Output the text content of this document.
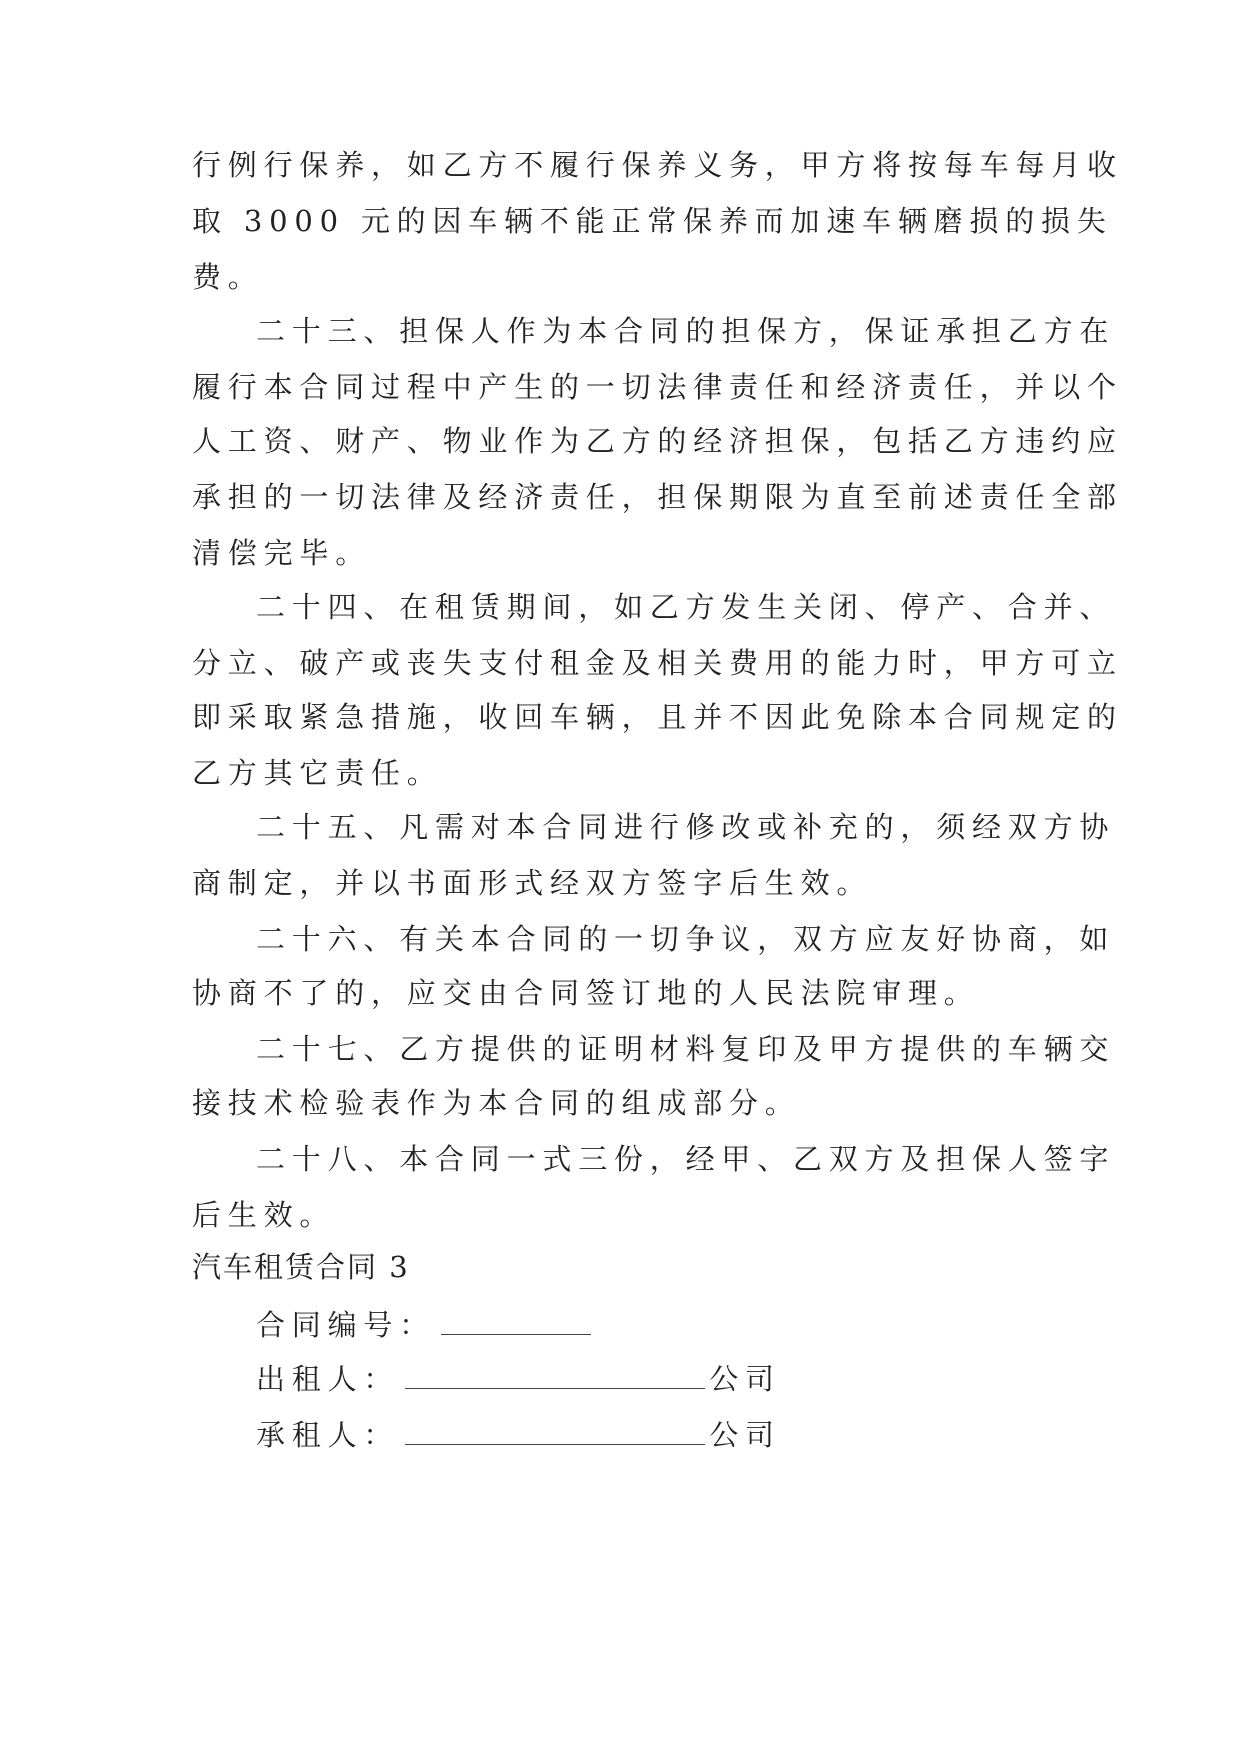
行例行保养，如乙方不履行保养义务，甲方将按每车每月收
取 3000 元的因车辆不能正常保养而加速车辆磨损的损失
费。
二十三、担保人作为本合同的担保方，保证承担乙方在
履行本合同过程中产生的一切法律责任和经济责任，并以个
人工资、财产、物业作为乙方的经济担保，包括乙方违约应
承担的一切法律及经济责任，担保期限为直至前述责任全部
清偿完毕。
二十四、在租赁期间，如乙方发生关闭、停产、合并、
分立、破产或丧失支付租金及相关费用的能力时，甲方可立
即采取紧急措施，收回车辆，且并不因此免除本合同规定的
乙方其它责任。
二十五、凡需对本合同进行修改或补充的，须经双方协
商制定，并以书面形式经双方签字后生效。
二十六、有关本合同的一切争议，双方应友好协商，如
协商不了的，应交由合同签订地的人民法院审理。
二十七、乙方提供的证明材料复印及甲方提供的车辆交
接技术检验表作为本合同的组成部分。
二十八、本合同一式三份，经甲、乙双方及担保人签字
后生效。
汽车租赁合同 3
合同编号：
出租人：	公司
承租人：	公司
